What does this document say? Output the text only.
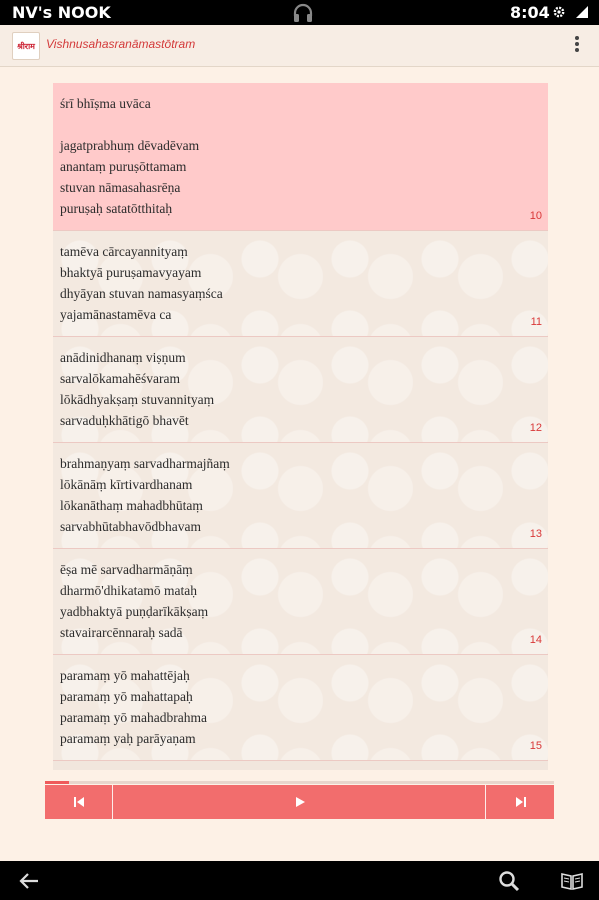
NV's NOOK	8:04
श्रीराम Vishnusahasranāmastōtram
śrī bhīṣma uvāca
jagatprabhuṃ dēvadēvam
anantaṃ puruṣōttamam
stuvan nāmasahasrēṇa
puruṣaḥ satatōtthitaḥ	10
tamēva cārcayannityaṃ
bhaktyā puruṣamavyayam
dhyāyan stuvan namasyaṃśca
yajamānastamēva ca	11
anādinidhanaṃ viṣṇum
sarvalōkamahēśvaram
lōkādhyakṣaṃ stuvannityaṃ
sarvaduḥkhātigō bhavēt	12
brahmaṇyaṃ sarvadharmajñaṃ
lōkānāṃ kīrtivardhanam
lōkanāthaṃ mahadbhūtaṃ
sarvabhūtabhavōdbhavam	13
ēṣa mē sarvadharmāṇāṃ
dharmō'dhikatamō mataḥ
yadbhaktyā puṇḍarīkākṣaṃ
stavairarcēnnaraḥ sadā	14
paramaṃ yō mahattējaḥ
paramaṃ yō mahattapaḥ
paramaṃ yō mahadbrahma
paramaṃ yaḥ parāyaṇam	15
